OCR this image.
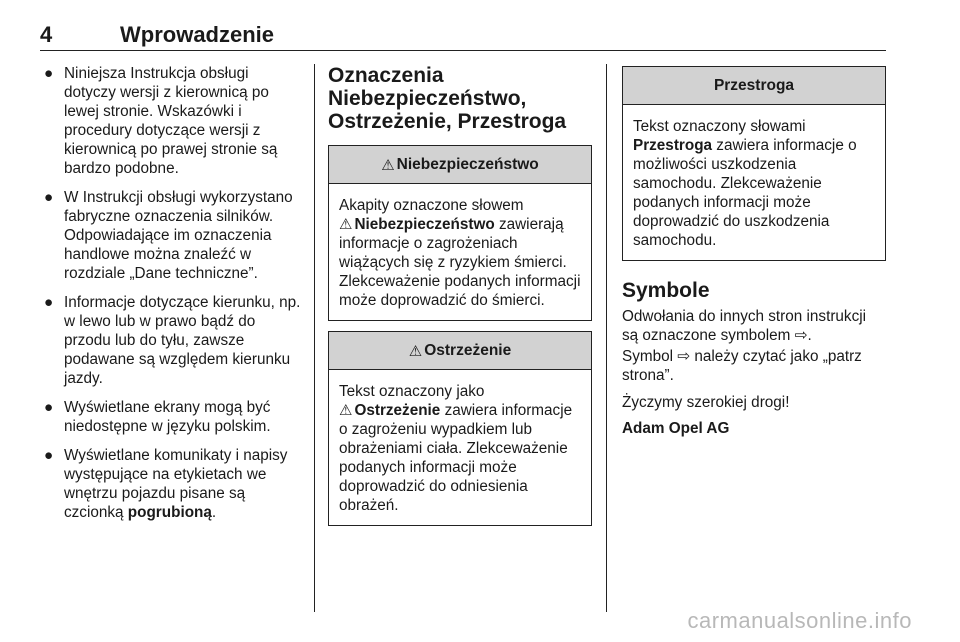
4	Wprowadzenie
● Niniejsza Instrukcja obsługi dotyczy wersji z kierownicą po lewej stronie. Wskazówki i procedury dotyczące wersji z kierownicą po prawej stronie są bardzo podobne.
● W Instrukcji obsługi wykorzystano fabryczne oznaczenia silników. Odpowiadające im oznaczenia handlowe można znaleźć w rozdziale „Dane techniczne”.
● Informacje dotyczące kierunku, np. w lewo lub w prawo bądź do przodu lub do tyłu, zawsze podawane są względem kierunku jazdy.
● Wyświetlane ekrany mogą być niedostępne w języku polskim.
● Wyświetlane komunikaty i napisy występujące na etykietach we wnętrzu pojazdu pisane są czcionką pogrubioną.
Oznaczenia
Niebezpieczeństwo,
Ostrzeżenie, Przestroga
⚠ Niebezpieczeństwo
Akapity oznaczone słowem
⚠ Niebezpieczeństwo zawierają informacje o zagrożeniach wiążących się z ryzykiem śmierci. Zlekceważenie podanych informacji może doprowadzić do śmierci.
⚠ Ostrzeżenie
Tekst oznaczony jako
⚠ Ostrzeżenie zawiera informacje o zagrożeniu wypadkiem lub obrażeniami ciała. Zlekceważenie podanych informacji może doprowadzić do odniesienia obrażeń.
Przestroga
Tekst oznaczony słowami
Przestroga zawiera informacje o możliwości uszkodzenia samochodu. Zlekceważenie podanych informacji może doprowadzić do uszkodzenia samochodu.
Symbole

Odwołania do innych stron instrukcji są oznaczone symbolem ⇨.

Symbol ⇨ należy czytać jako „patrz strona”.

Życzymy szerokiej drogi!

Adam Opel AG

carmanualsonline.info
